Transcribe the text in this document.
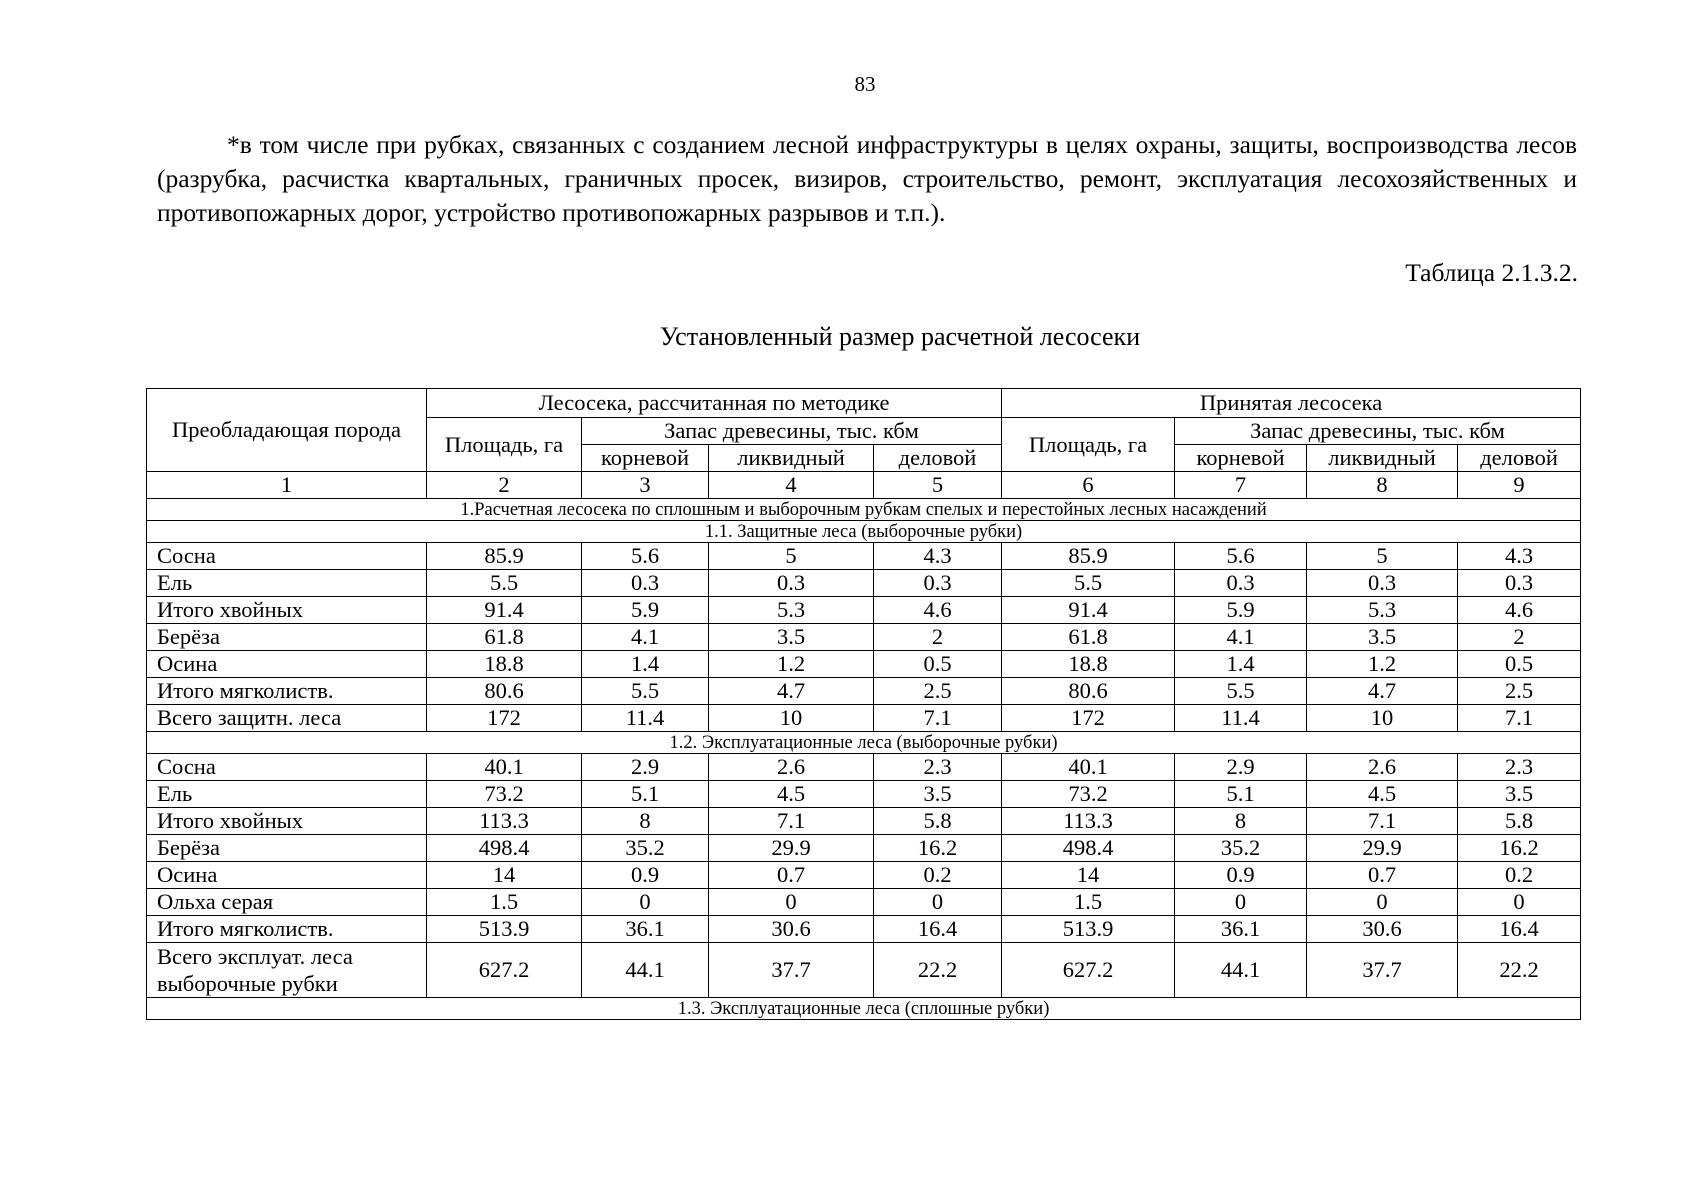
83

*в том числе при рубках, связанных с созданием лесной инфраструктуры в целях охраны, защиты, воспроизводства лесов (разрубка, расчистка квартальных, граничных просек, визиров, строительство, ремонт, эксплуатация лесохозяйственных и противопожарных дорог, устройство противопожарных разрывов и т.п.).

Таблица 2.1.3.2.
Установленный размер расчетной лесосеки
Преобладающая порода	Лесосека, рассчитанная по методике				Принятая лесосека			
	Площадь, га	Запас древесины, тыс. кбм			Площадь, га	Запас древесины, тыс. кбм		
		корневой	ликвидный	деловой		корневой	ликвидный	деловой
1	2	3	4	5	6	7	8	9
1.Расчетная лесосека по сплошным и выборочным рубкам спелых и перестойных лесных насаждений								
1.1. Защитные леса (выборочные рубки)								
Сосна	85.9	5.6	5	4.3	85.9	5.6	5	4.3
Ель	5.5	0.3	0.3	0.3	5.5	0.3	0.3	0.3
Итого хвойных	91.4	5.9	5.3	4.6	91.4	5.9	5.3	4.6
Берёза	61.8	4.1	3.5	2	61.8	4.1	3.5	2
Осина	18.8	1.4	1.2	0.5	18.8	1.4	1.2	0.5
Итого мягколиств.	80.6	5.5	4.7	2.5	80.6	5.5	4.7	2.5
Всего защитн. леса	172	11.4	10	7.1	172	11.4	10	7.1
1.2. Эксплуатационные леса (выборочные рубки)								
Сосна	40.1	2.9	2.6	2.3	40.1	2.9	2.6	2.3
Ель	73.2	5.1	4.5	3.5	73.2	5.1	4.5	3.5
Итого хвойных	113.3	8	7.1	5.8	113.3	8	7.1	5.8
Берёза	498.4	35.2	29.9	16.2	498.4	35.2	29.9	16.2
Осина	14	0.9	0.7	0.2	14	0.9	0.7	0.2
Ольха серая	1.5	0	0	0	1.5	0	0	0
Итого мягколиств.	513.9	36.1	30.6	16.4	513.9	36.1	30.6	16.4
Всего эксплуат. леса выборочные рубки	627.2	44.1	37.7	22.2	627.2	44.1	37.7	22.2
1.3. Эксплуатационные леса (сплошные рубки)								
